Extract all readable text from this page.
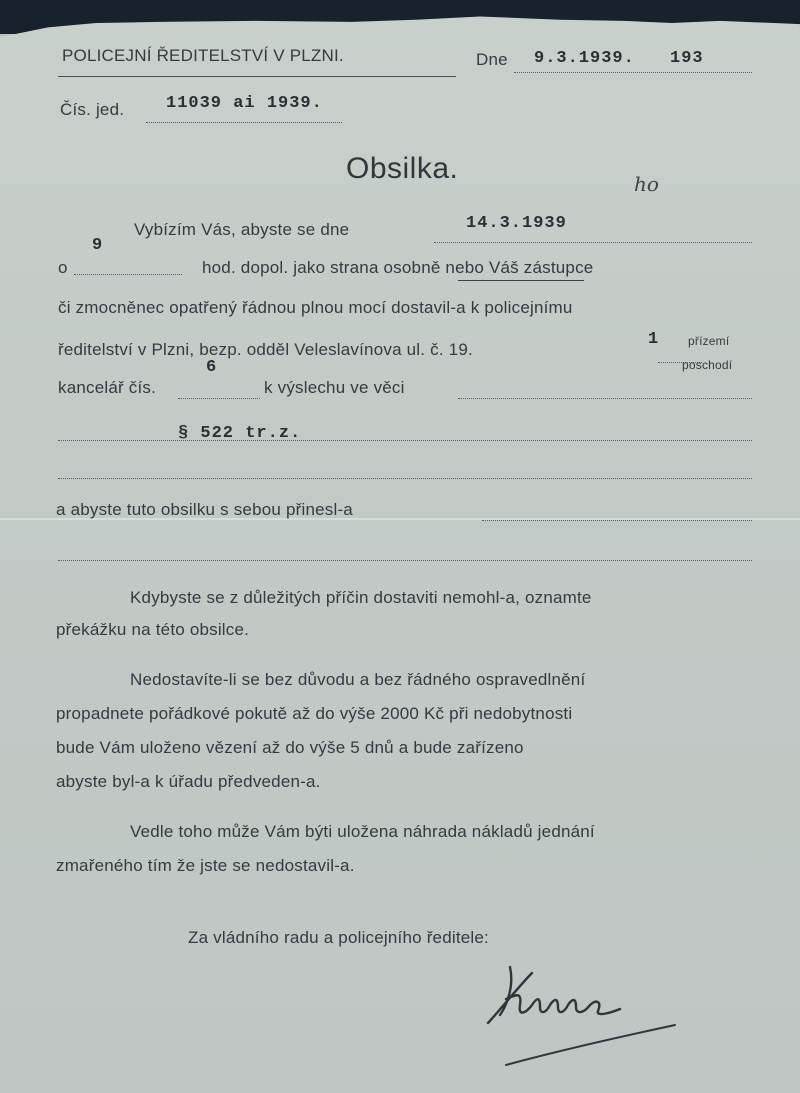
POLICEJNÍ ŘEDITELSTVÍ V PLZNI.	Dne 9.3.1939. 193
Čís. jed. 11039 ai 1939.
Obsilka.	ho
Vybízím Vás, abyste se dne	14.3.1939
o
9
hod. dopol. jako strana osobně nebo Váš zástupce
či zmocněnec opatřený řádnou plnou mocí dostavil-a k policejnímu
ředitelství v Plzni, bezp. odděl Veleslavínova ul. č. 19.
1 přízemí
poschodí
kancelář čís.
6
k výslechu ve věci
§ 522 tr.z.
a abyste tuto obsilku s sebou přinesl-a
Kdybyste se z důležitých příčin dostaviti nemohl-a, oznamte
překážku na této obsilce.
Nedostavíte-li se bez důvodu a bez řádného ospravedlnění
propadnete pořádkové pokutě až do výše 2000 Kč při nedobytnosti
bude Vám uloženo vězení až do výše 5 dnů a bude zařízeno
abyste byl-a k úřadu předveden-a.
Vedle toho může Vám býti uložena náhrada nákladů jednání
zmařeného tím že jste se nedostavil-a.
Za vládního radu a policejního ředitele:
